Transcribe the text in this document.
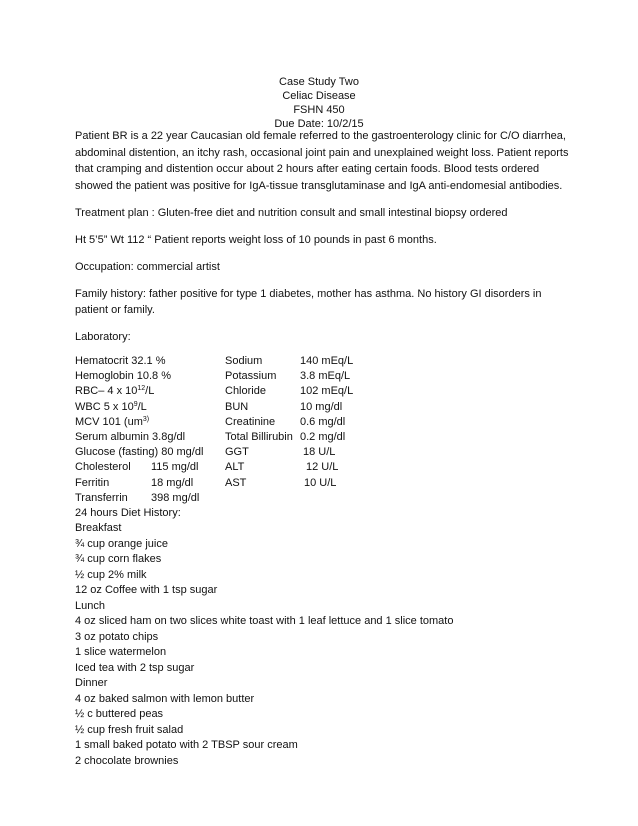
Case Study Two
Celiac Disease
FSHN 450
Due Date: 10/2/15

Patient BR is a 22 year Caucasian old female referred to the gastroenterology clinic for C/O diarrhea, abdominal distention, an itchy rash, occasional joint pain and unexplained weight loss. Patient reports that cramping and distention occur about 2 hours after eating certain foods. Blood tests ordered showed the patient was positive for IgA-tissue transglutaminase and IgA anti-endomesial antibodies.

Treatment plan : Gluten-free diet and nutrition consult and small intestinal biopsy ordered

Ht 5’5” Wt 112 “ Patient reports weight loss of 10 pounds in past 6 months.

Occupation: commercial artist

Family history: father positive for type 1 diabetes, mother has asthma. No history GI disorders in patient or family.

Laboratory:

Hematocrit 32.1 %	Sodium	140 mEq/L
Hemoglobin 10.8 %	Potassium 3.8 mEq/L
RBC– 4 x $10^{12}/L$	Chloride	102 mEq/L
WBC 5 x $10^9/L$	BUN	10 mg/dl
MCV 101 ($um^{3)}$	Creatinine 0.6 mg/dl
Serum albumin 3.8g/dl	Total Billirubin 0.2 mg/dl
Glucose (fasting) 80 mg/dl GGT	18 U/L
Cholesterol 115 mg/dl ALT	12 U/L
Ferritin	18 mg/dl	AST	10 U/L
Transferrin 398 mg/dl
24 hours Diet History:
Breakfast
¾ cup orange juice
¾ cup corn flakes
½ cup 2% milk
12 oz Coffee with 1 tsp sugar
Lunch
4 oz sliced ham on two slices white toast with 1 leaf lettuce and 1 slice tomato
3 oz potato chips
1 slice watermelon
Iced tea with 2 tsp sugar
Dinner
4 oz baked salmon with lemon butter
½ c buttered peas
½ cup fresh fruit salad
1 small baked potato with 2 TBSP sour cream
2 chocolate brownies
